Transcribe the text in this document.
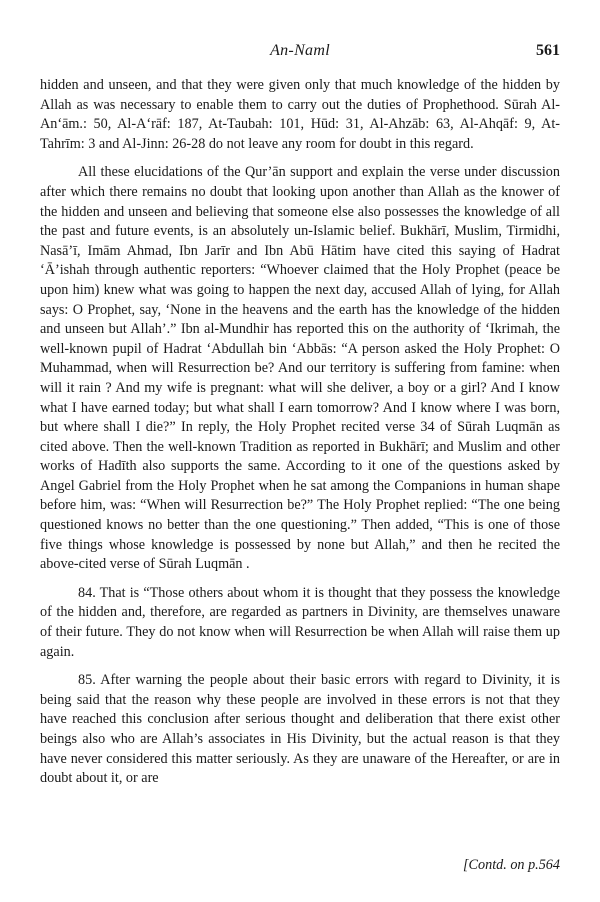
An-Naml	561

hidden and unseen, and that they were given only that much knowledge of the hidden by Allah as was necessary to enable them to carry out the duties of Prophethood. Sūrah Al-An‘ām.: 50, Al-A‘rāf: 187, At-Taubah: 101, Hūd: 31, Al-Ahzāb: 63, Al-Ahqāf: 9, At-Tahrīm: 3 and Al-Jinn: 26-28 do not leave any room for doubt in this regard.

All these elucidations of the Qur’ān support and explain the verse under discussion after which there remains no doubt that looking upon another than Allah as the knower of the hidden and unseen and believing that someone else also possesses the knowledge of all the past and future events, is an absolutely un-Islamic belief. Bukhārī, Muslim, Tirmidhi, Nasā’ī, Imām Ahmad, Ibn Jarīr and Ibn Abū Hātim have cited this saying of Hadrat ‘Ā’ishah through authentic reporters: “Whoever claimed that the Holy Prophet (peace be upon him) knew what was going to happen the next day, accused Allah of lying, for Allah says: O Prophet, say, ‘None in the heavens and the earth has the knowledge of the hidden and unseen but Allah’.” Ibn al-Mundhir has reported this on the authority of ‘Ikrimah, the well-known pupil of Hadrat ‘Abdullah bin ‘Abbās: “A person asked the Holy Prophet: O Muhammad, when will Resurrection be? And our territory is suffering from famine: when will it rain ? And my wife is pregnant: what will she deliver, a boy or a girl? And I know what I have earned today; but what shall I earn tomorrow? And I know where I was born, but where shall I die?” In reply, the Holy Prophet recited verse 34 of Sūrah Luqmān as cited above. Then the well-known Tradition as reported in Bukhārī; and Muslim and other works of Hadīth also supports the same. According to it one of the questions asked by Angel Gabriel from the Holy Prophet when he sat among the Companions in human shape before him, was: “When will Resurrection be?” The Holy Prophet replied: “The one being questioned knows no better than the one questioning.” Then added, “This is one of those five things whose knowledge is possessed by none but Allah,” and then he recited the above-cited verse of Sūrah Luqmān .

84. That is “Those others about whom it is thought that they possess the knowledge of the hidden and, therefore, are regarded as partners in Divinity, are themselves unaware of their future. They do not know when will Resurrection be when Allah will raise them up again.

85. After warning the people about their basic errors with regard to Divinity, it is being said that the reason why these people are involved in these errors is not that they have reached this conclusion after serious thought and deliberation that there exist other beings also who are Allah’s associates in His Divinity, but the actual reason is that they have never considered this matter seriously. As they are unaware of the Hereafter, or are in doubt about it, or are

[Contd. on p.564
